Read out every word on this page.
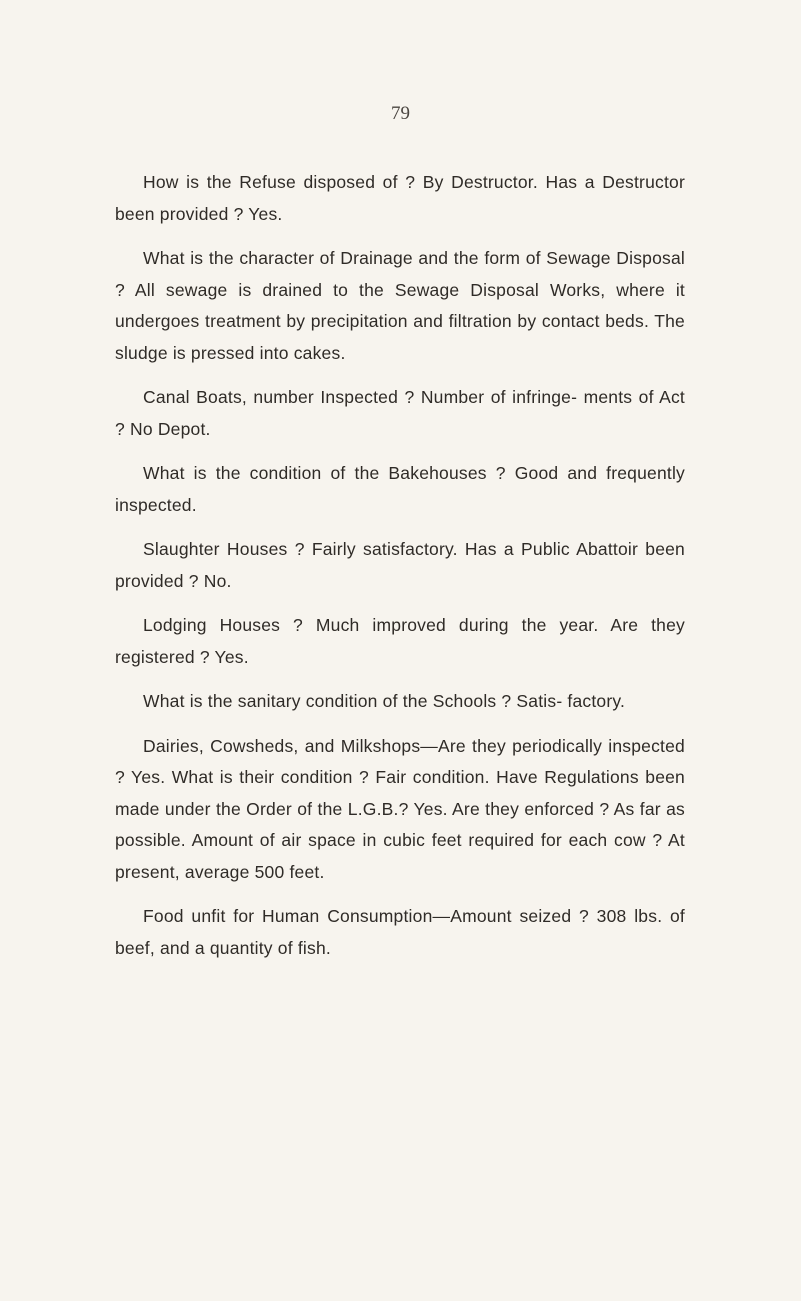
79

How is the Refuse disposed of ? By Destructor. Has a Destructor been provided ? Yes.

What is the character of Drainage and the form of Sewage Disposal ? All sewage is drained to the Sewage Disposal Works, where it undergoes treatment by precipitation and filtration by contact beds. The sludge is pressed into cakes.

Canal Boats, number Inspected ? Number of infringe- ments of Act ? No Depot.

What is the condition of the Bakehouses ? Good and frequently inspected.

Slaughter Houses ? Fairly satisfactory. Has a Public Abattoir been provided ? No.

Lodging Houses ? Much improved during the year. Are they registered ? Yes.

What is the sanitary condition of the Schools ? Satis- factory.

Dairies, Cowsheds, and Milkshops—Are they periodically inspected ? Yes. What is their condition ? Fair condition. Have Regulations been made under the Order of the L.G.B.? Yes. Are they enforced ? As far as possible. Amount of air space in cubic feet required for each cow ? At present, average 500 feet.

Food unfit for Human Consumption—Amount seized ? 308 lbs. of beef, and a quantity of fish.
